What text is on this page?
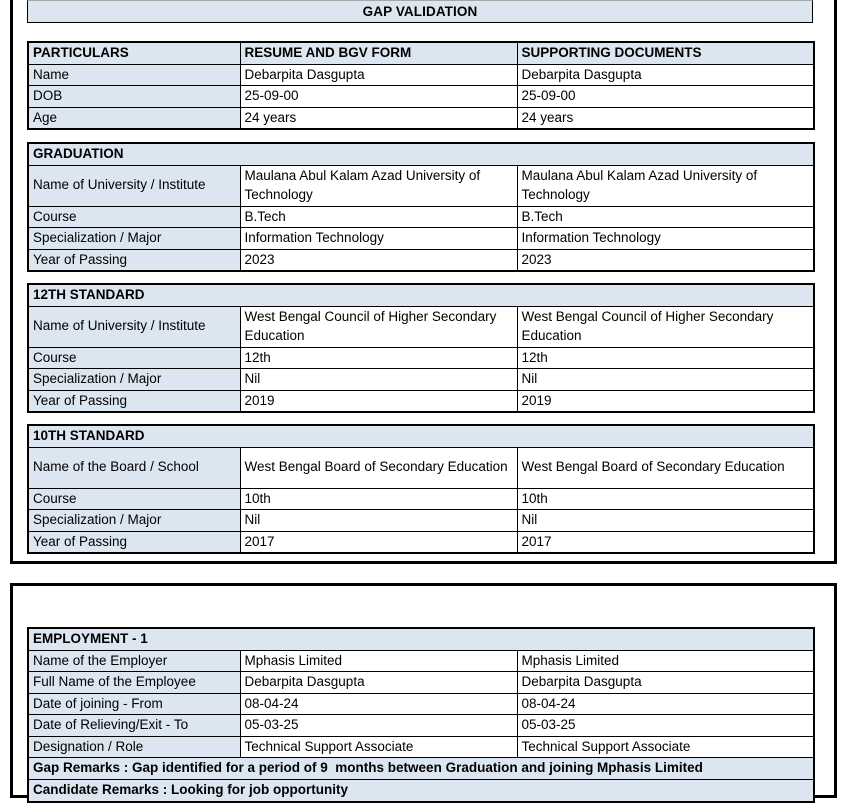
GAP VALIDATION
PARTICULARS	RESUME AND BGV FORM	SUPPORTING DOCUMENTS
Name	Debarpita Dasgupta	Debarpita Dasgupta
DOB	25-09-00	25-09-00
Age	24 years	24 years
GRADUATION		
Name of University / Institute	Maulana Abul Kalam Azad University of Technology	Maulana Abul Kalam Azad University of Technology
Course	B.Tech	B.Tech
Specialization / Major	Information Technology	Information Technology
Year of Passing	2023	2023
12TH STANDARD		
Name of University / Institute	West Bengal Council of Higher Secondary Education	West Bengal Council of Higher Secondary Education
Course	12th	12th
Specialization / Major	Nil	Nil
Year of Passing	2019	2019
10TH STANDARD		
Name of the Board / School	West Bengal Board of Secondary Education	West Bengal Board of Secondary Education
Course	10th	10th
Specialization / Major	Nil	Nil
Year of Passing	2017	2017
EMPLOYMENT - 1		
Name of the Employer	Mphasis Limited	Mphasis Limited
Full Name of the Employee	Debarpita Dasgupta	Debarpita Dasgupta
Date of joining - From	08-04-24	08-04-24
Date of Relieving/Exit - To	05-03-25	05-03-25
Designation / Role	Technical Support Associate	Technical Support Associate
Gap Remarks : Gap identified for a period of 9  months between Graduation and joining Mphasis Limited		
Candidate Remarks : Looking for job opportunity		
